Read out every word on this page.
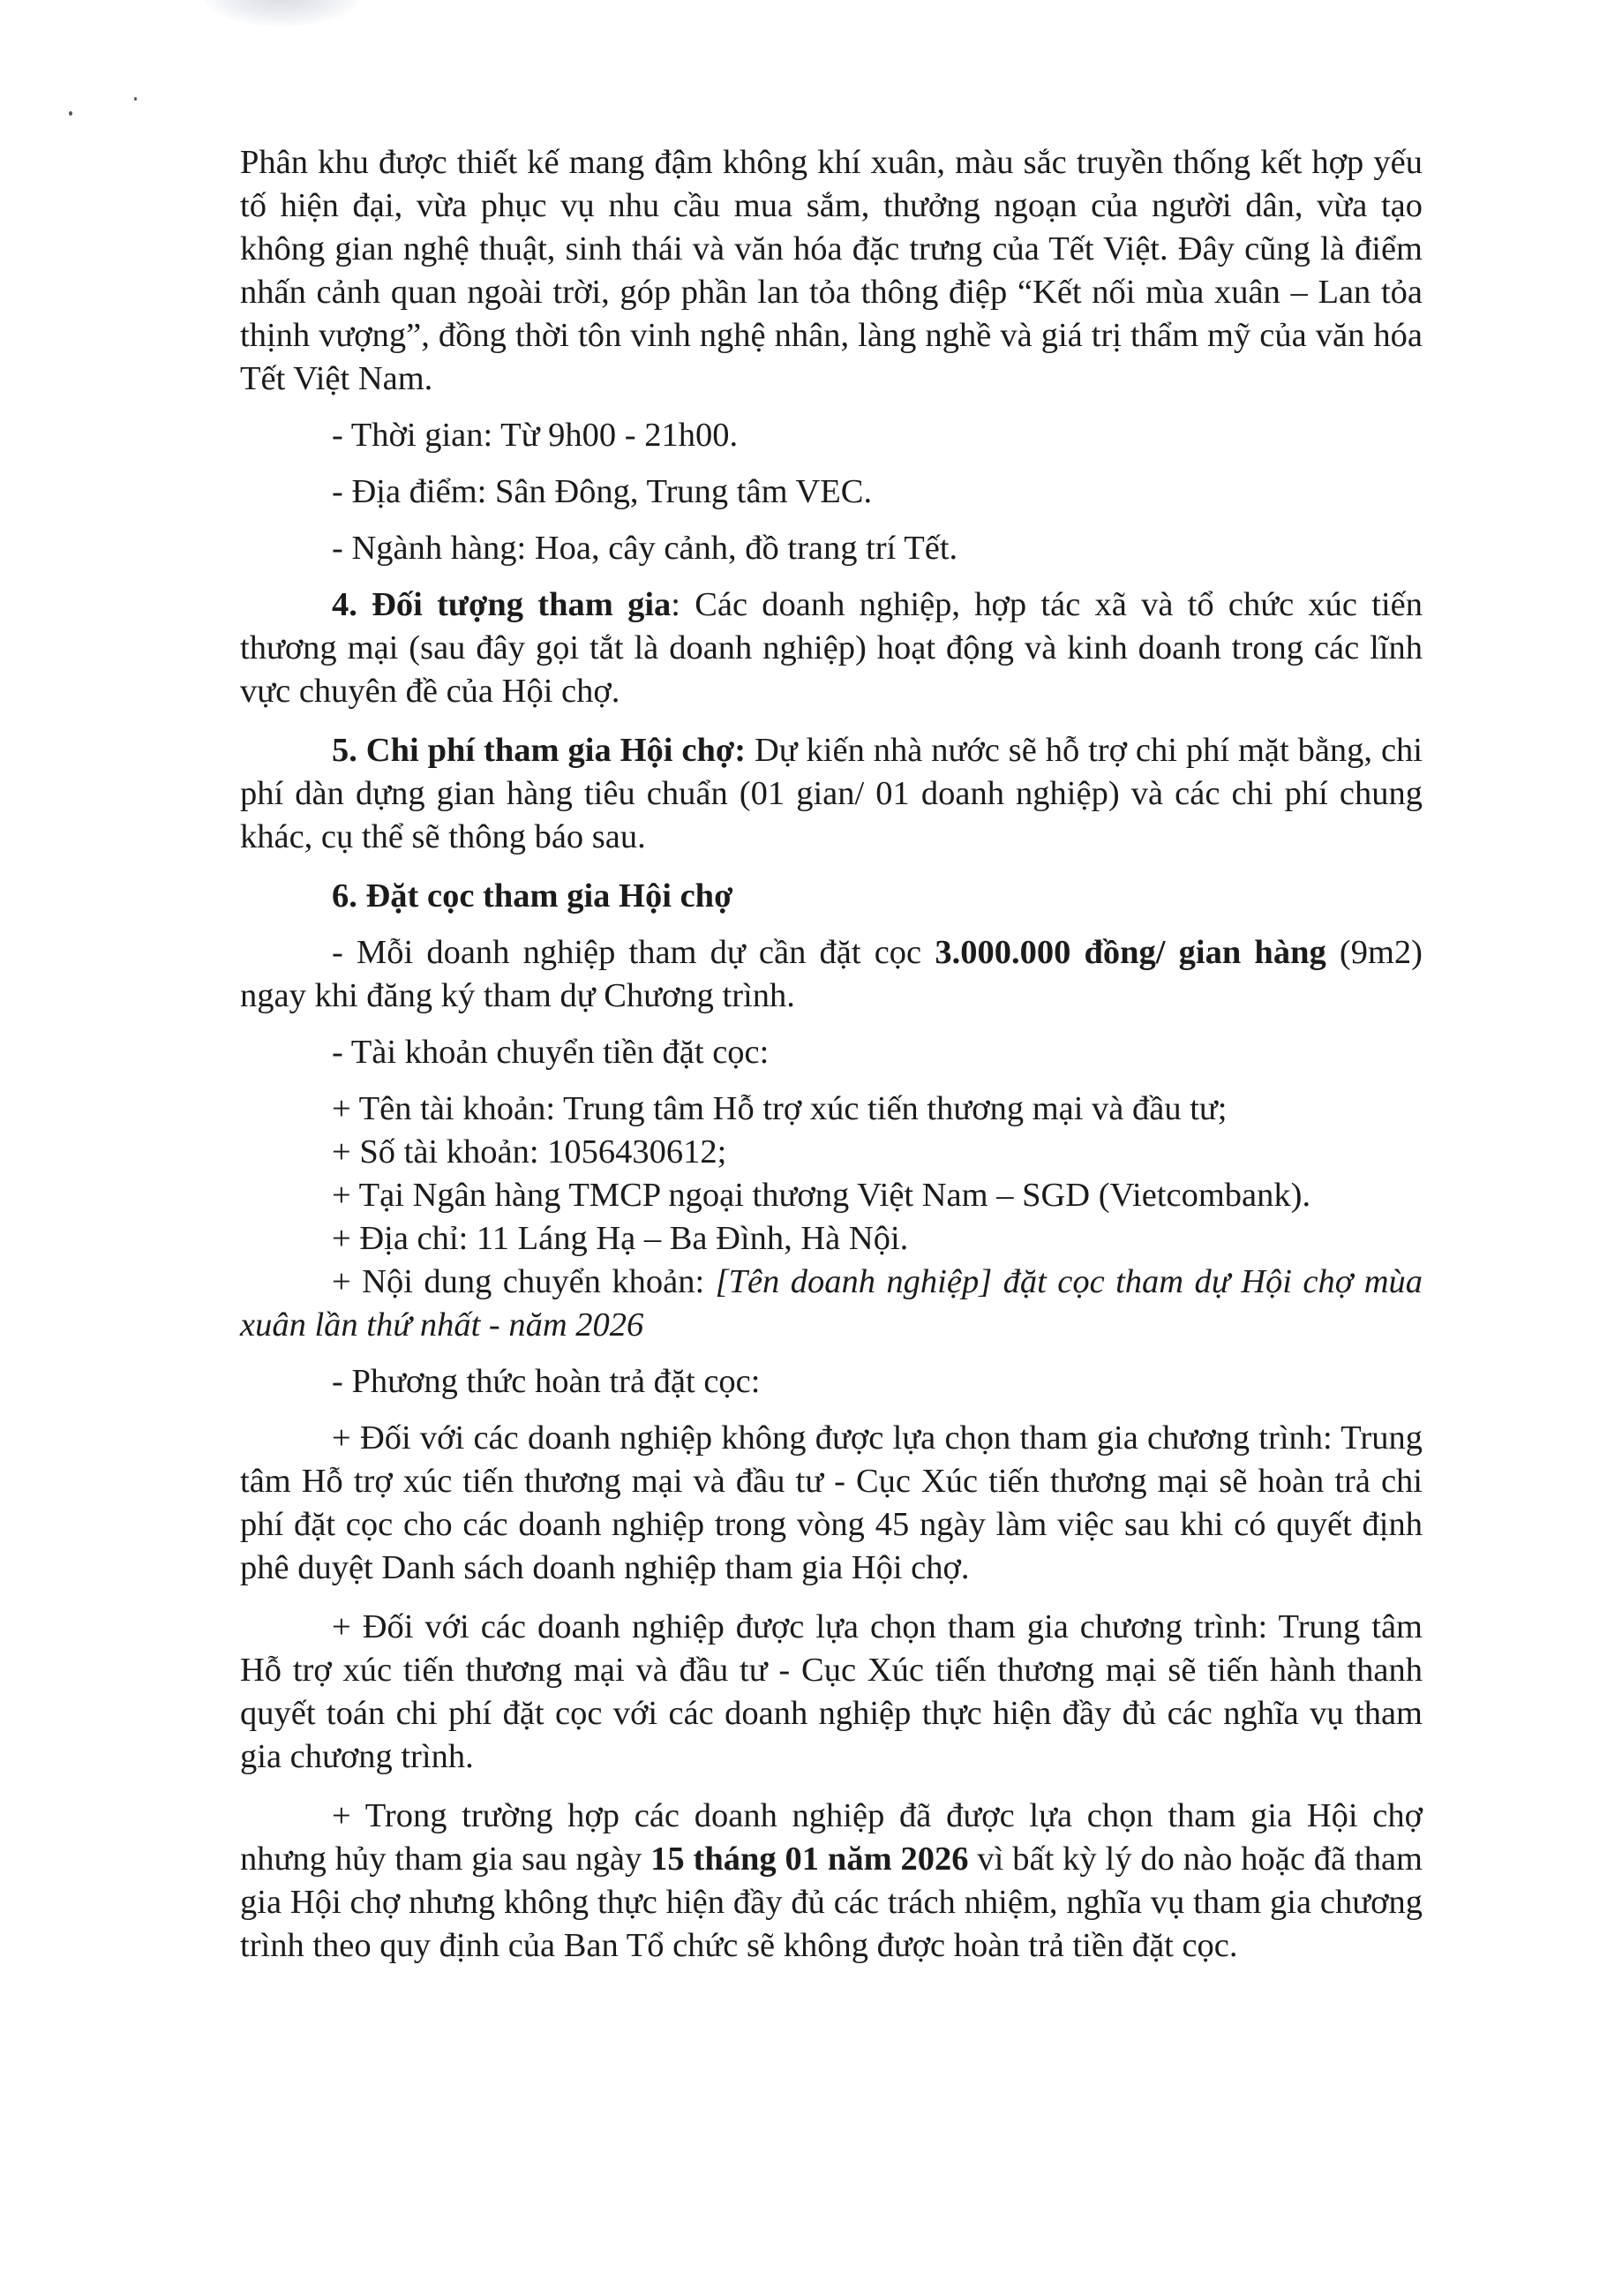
Phân khu được thiết kế mang đậm không khí xuân, màu sắc truyền thống kết hợp yếu tố hiện đại, vừa phục vụ nhu cầu mua sắm, thưởng ngoạn của người dân, vừa tạo không gian nghệ thuật, sinh thái và văn hóa đặc trưng của Tết Việt. Đây cũng là điểm nhấn cảnh quan ngoài trời, góp phần lan tỏa thông điệp “Kết nối mùa xuân – Lan tỏa thịnh vượng”, đồng thời tôn vinh nghệ nhân, làng nghề và giá trị thẩm mỹ của văn hóa Tết Việt Nam.

- Thời gian: Từ 9h00 - 21h00.

- Địa điểm: Sân Đông, Trung tâm VEC.

- Ngành hàng: Hoa, cây cảnh, đồ trang trí Tết.

4. Đối tượng tham gia: Các doanh nghiệp, hợp tác xã và tổ chức xúc tiến thương mại (sau đây gọi tắt là doanh nghiệp) hoạt động và kinh doanh trong các lĩnh vực chuyên đề của Hội chợ.

5. Chi phí tham gia Hội chợ: Dự kiến nhà nước sẽ hỗ trợ chi phí mặt bằng, chi phí dàn dựng gian hàng tiêu chuẩn (01 gian/ 01 doanh nghiệp) và các chi phí chung khác, cụ thể sẽ thông báo sau.

6. Đặt cọc tham gia Hội chợ

- Mỗi doanh nghiệp tham dự cần đặt cọc 3.000.000 đồng/ gian hàng (9m2) ngay khi đăng ký tham dự Chương trình.

- Tài khoản chuyển tiền đặt cọc:

+ Tên tài khoản: Trung tâm Hỗ trợ xúc tiến thương mại và đầu tư;

+ Số tài khoản: 1056430612;

+ Tại Ngân hàng TMCP ngoại thương Việt Nam – SGD (Vietcombank).

+ Địa chỉ: 11 Láng Hạ – Ba Đình, Hà Nội.

+ Nội dung chuyển khoản: [Tên doanh nghiệp] đặt cọc tham dự Hội chợ mùa xuân lần thứ nhất - năm 2026

- Phương thức hoàn trả đặt cọc:

+ Đối với các doanh nghiệp không được lựa chọn tham gia chương trình: Trung tâm Hỗ trợ xúc tiến thương mại và đầu tư - Cục Xúc tiến thương mại sẽ hoàn trả chi phí đặt cọc cho các doanh nghiệp trong vòng 45 ngày làm việc sau khi có quyết định phê duyệt Danh sách doanh nghiệp tham gia Hội chợ.

+ Đối với các doanh nghiệp được lựa chọn tham gia chương trình: Trung tâm Hỗ trợ xúc tiến thương mại và đầu tư - Cục Xúc tiến thương mại sẽ tiến hành thanh quyết toán chi phí đặt cọc với các doanh nghiệp thực hiện đầy đủ các nghĩa vụ tham gia chương trình.

+ Trong trường hợp các doanh nghiệp đã được lựa chọn tham gia Hội chợ nhưng hủy tham gia sau ngày 15 tháng 01 năm 2026 vì bất kỳ lý do nào hoặc đã tham gia Hội chợ nhưng không thực hiện đầy đủ các trách nhiệm, nghĩa vụ tham gia chương trình theo quy định của Ban Tổ chức sẽ không được hoàn trả tiền đặt cọc.
